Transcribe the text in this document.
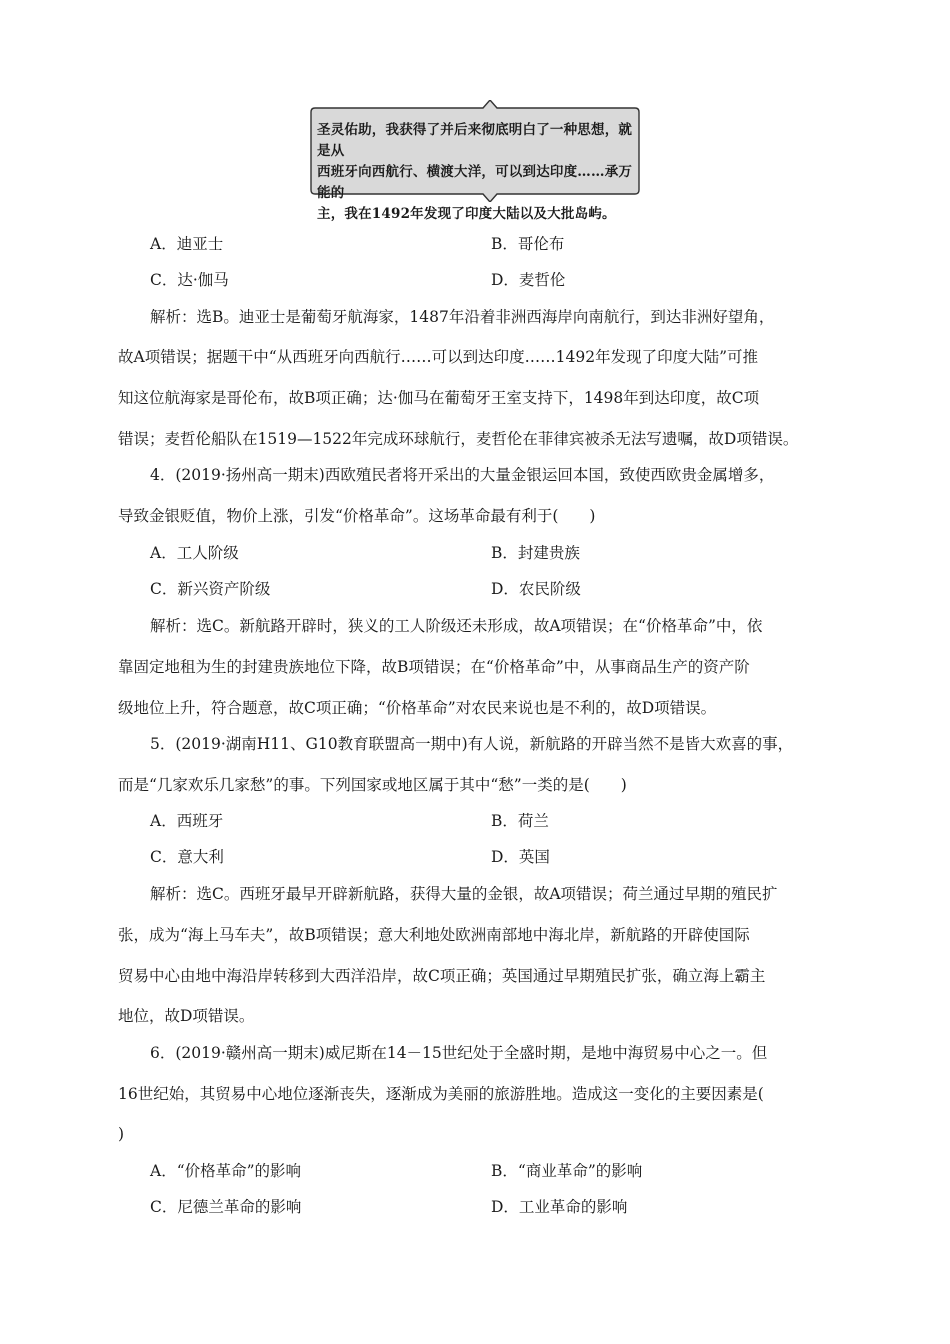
圣灵佑助，我获得了并后来彻底明白了一种思想，就是从
西班牙向西航行、横渡大洋，可以到达印度……承万能的
主，我在1492年发现了印度大陆以及大批岛屿。
A．迪亚士	B．哥伦布
C．达·伽马	D．麦哲伦
解析：选B。迪亚士是葡萄牙航海家，1487年沿着非洲西海岸向南航行，到达非洲好望角，
故A项错误；据题干中“从西班牙向西航行……可以到达印度……1492年发现了印度大陆”可推
知这位航海家是哥伦布，故B项正确；达·伽马在葡萄牙王室支持下，1498年到达印度，故C项
错误；麦哲伦船队在1519—1522年完成环球航行，麦哲伦在菲律宾被杀无法写遗嘱，故D项错误。
4．(2019·扬州高一期末)西欧殖民者将开采出的大量金银运回本国，致使西欧贵金属增多，
导致金银贬值，物价上涨，引发“价格革命”。这场革命最有利于(　　)
A．工人阶级	B．封建贵族
C．新兴资产阶级	D．农民阶级
解析：选C。新航路开辟时，狭义的工人阶级还未形成，故A项错误；在“价格革命”中，依
靠固定地租为生的封建贵族地位下降，故B项错误；在“价格革命”中，从事商品生产的资产阶
级地位上升，符合题意，故C项正确；“价格革命”对农民来说也是不利的，故D项错误。
5．(2019·湖南H11、G10教育联盟高一期中)有人说，新航路的开辟当然不是皆大欢喜的事，
而是“几家欢乐几家愁”的事。下列国家或地区属于其中“愁”一类的是(　　)
A．西班牙	B．荷兰
C．意大利	D．英国
解析：选C。西班牙最早开辟新航路，获得大量的金银，故A项错误；荷兰通过早期的殖民扩
张，成为“海上马车夫”，故B项错误；意大利地处欧洲南部地中海北岸，新航路的开辟使国际
贸易中心由地中海沿岸转移到大西洋沿岸，故C项正确；英国通过早期殖民扩张，确立海上霸主
地位，故D项错误。
6．(2019·赣州高一期末)威尼斯在14－15世纪处于全盛时期，是地中海贸易中心之一。但
16世纪始，其贸易中心地位逐渐丧失，逐渐成为美丽的旅游胜地。造成这一变化的主要因素是(
)
A．“价格革命”的影响	B．“商业革命”的影响
C．尼德兰革命的影响	D．工业革命的影响
